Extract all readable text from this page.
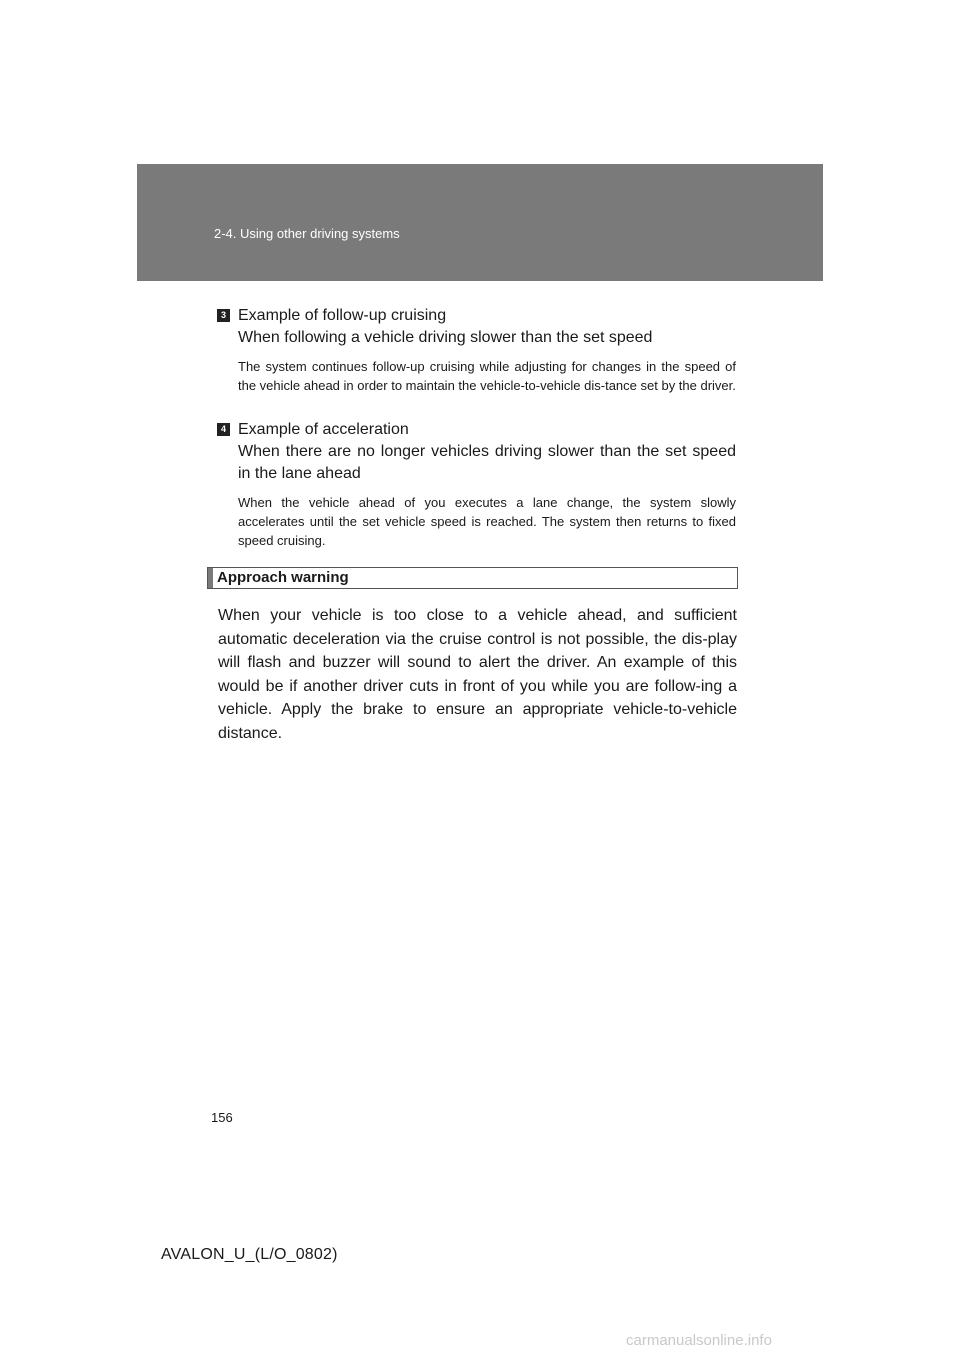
2-4. Using other driving systems
3 Example of follow-up cruising

When following a vehicle driving slower than the set speed

The system continues follow-up cruising while adjusting for changes in the speed of the vehicle ahead in order to maintain the vehicle-to-vehicle dis-tance set by the driver.

4 Example of acceleration

When there are no longer vehicles driving slower than the set speed in the lane ahead

When the vehicle ahead of you executes a lane change, the system slowly accelerates until the set vehicle speed is reached. The system then returns to fixed speed cruising.

Approach warning

When your vehicle is too close to a vehicle ahead, and sufficient automatic deceleration via the cruise control is not possible, the dis-play will flash and buzzer will sound to alert the driver. An example of this would be if another driver cuts in front of you while you are follow-ing a vehicle. Apply the brake to ensure an appropriate vehicle-to-vehicle distance.

156
AVALON_U_(L/O_0802)
carmanualsonline.info
